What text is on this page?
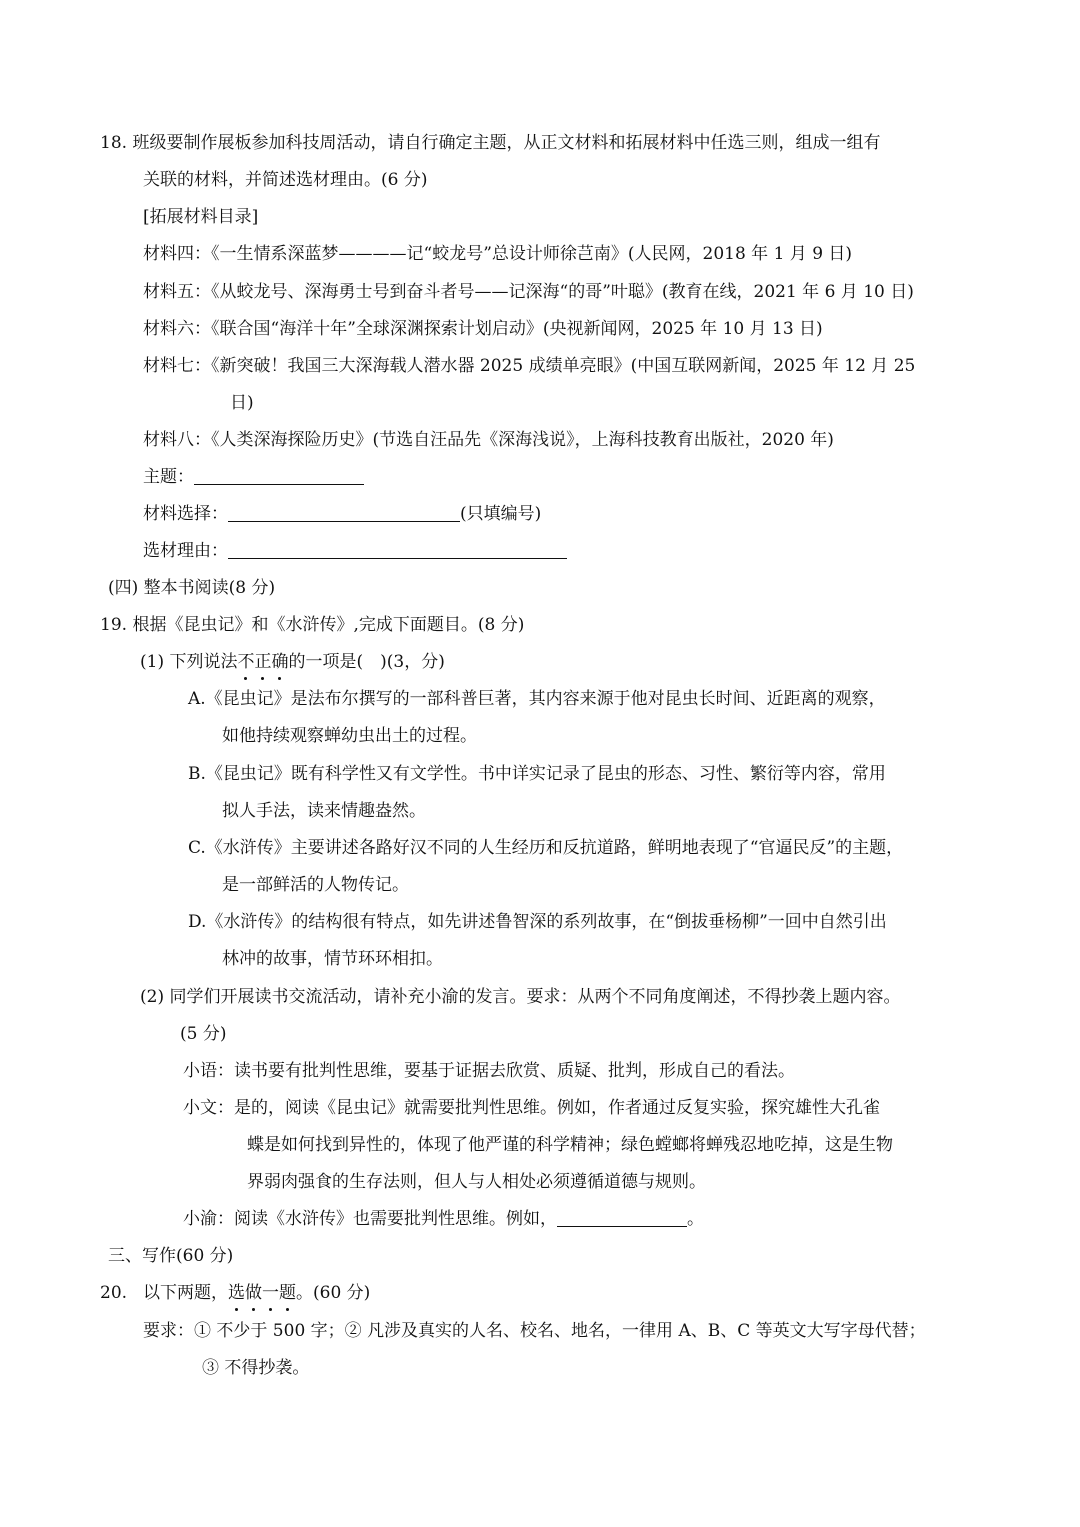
18. 班级要制作展板参加科技周活动，请自行确定主题，从正文材料和拓展材料中任选三则，组成一组有
关联的材料，并简述选材理由。(6 分)
[拓展材料目录]
材料四：《一生情系深蓝梦————记“蛟龙号”总设计师徐芑南》(人民网，2018 年 1 月 9 日)
材料五：《从蛟龙号、深海勇士号到奋斗者号——记深海“的哥”叶聪》(教育在线，2021 年 6 月 10 日)
材料六：《联合国“海洋十年”全球深渊探索计划启动》(央视新闻网，2025 年 10 月 13 日)
材料七：《新突破！我国三大深海载人潜水器 2025 成绩单亮眼》(中国互联网新闻，2025 年 12 月 25
日)
材料八：《人类深海探险历史》(节选自汪品先《深海浅说》，上海科技教育出版社，2020 年)
主题：
材料选择：	(只填编号)
选材理由：
(四) 整本书阅读(8 分)
19. 根据《昆虫记》和《水浒传》,完成下面题目。(8 分)
(1) 下列说法不正确的一项是(　)(3，分)
A.《昆虫记》是法布尔撰写的一部科普巨著，其内容来源于他对昆虫长时间、近距离的观察，
如他持续观察蝉幼虫出土的过程。
B.《昆虫记》既有科学性又有文学性。书中详实记录了昆虫的形态、习性、繁衍等内容，常用
拟人手法，读来情趣盎然。
C.《水浒传》主要讲述各路好汉不同的人生经历和反抗道路，鲜明地表现了“官逼民反”的主题，
是一部鲜活的人物传记。
D.《水浒传》的结构很有特点，如先讲述鲁智深的系列故事，在“倒拔垂杨柳”一回中自然引出
林冲的故事，情节环环相扣。
(2) 同学们开展读书交流活动，请补充小渝的发言。要求：从两个不同角度阐述，不得抄袭上题内容。
(5 分)
小语：读书要有批判性思维，要基于证据去欣赏、质疑、批判，形成自己的看法。
小文：是的，阅读《昆虫记》就需要批判性思维。例如，作者通过反复实验，探究雄性大孔雀
蝶是如何找到异性的，体现了他严谨的科学精神；绿色螳螂将蝉残忍地吃掉，这是生物
界弱肉强食的生存法则，但人与人相处必须遵循道德与规则。
小渝：阅读《水浒传》也需要批判性思维。例如，	。
三、写作(60 分)
20. 以下两题，选做一题。(60 分)
要求：① 不少于 500 字；② 凡涉及真实的人名、校名、地名，一律用 A、B、C 等英文大写字母代替；
③ 不得抄袭。
